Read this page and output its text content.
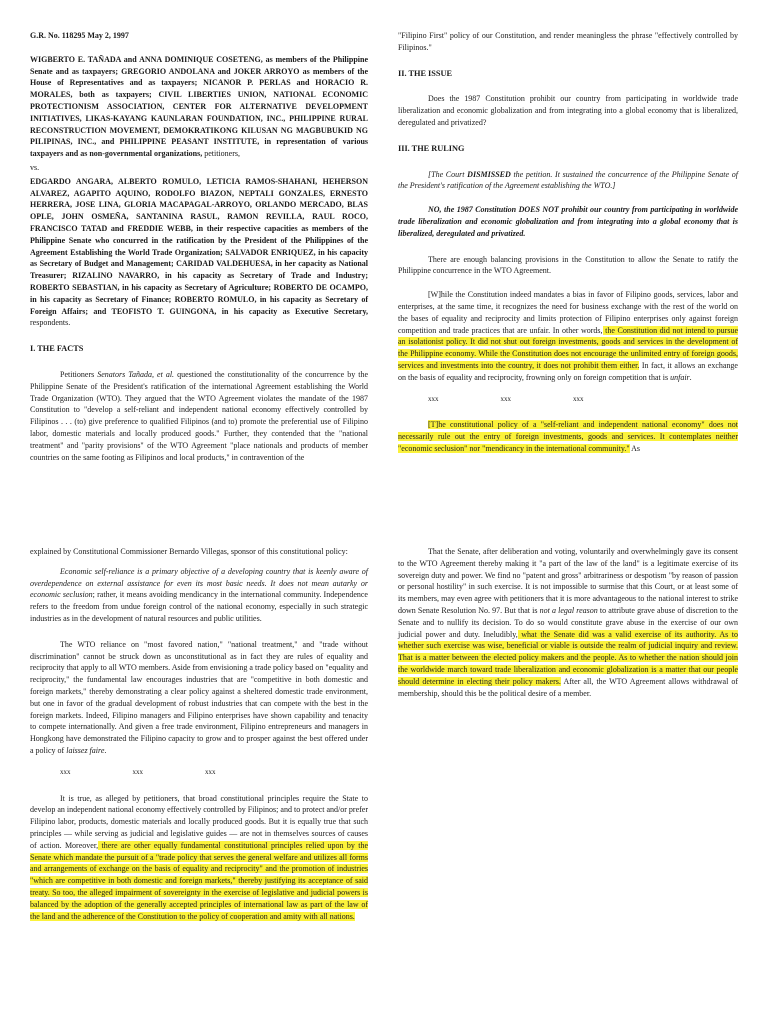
G.R. No. 118295 May 2, 1997

WIGBERTO E. TAÑADA and ANNA DOMINIQUE COSETENG, as members of the Philippine Senate and as taxpayers; GREGORIO ANDOLANA and JOKER ARROYO as members of the House of Representatives and as taxpayers; NICANOR P. PERLAS and HORACIO R. MORALES, both as taxpayers; CIVIL LIBERTIES UNION, NATIONAL ECONOMIC PROTECTIONISM ASSOCIATION, CENTER FOR ALTERNATIVE DEVELOPMENT INITIATIVES, LIKAS-KAYANG KAUNLARAN FOUNDATION, INC., PHILIPPINE RURAL RECONSTRUCTION MOVEMENT, DEMOKRATIKONG KILUSAN NG MAGBUBUKID NG PILIPINAS, INC., and PHILIPPINE PEASANT INSTITUTE, in representation of various taxpayers and as non-governmental organizations, petitioners,

vs.

EDGARDO ANGARA, ALBERTO ROMULO, LETICIA RAMOS-SHAHANI, HEHERSON ALVAREZ, AGAPITO AQUINO, RODOLFO BIAZON, NEPTALI GONZALES, ERNESTO HERRERA, JOSE LINA, GLORIA MACAPAGAL-ARROYO, ORLANDO MERCADO, BLAS OPLE, JOHN OSMEÑA, SANTANINA RASUL, RAMON REVILLA, RAUL ROCO, FRANCISCO TATAD and FREDDIE WEBB, in their respective capacities as members of the Philippine Senate who concurred in the ratification by the President of the Philippines of the Agreement Establishing the World Trade Organization; SALVADOR ENRIQUEZ, in his capacity as Secretary of Budget and Management; CARIDAD VALDEHUESA, in her capacity as National Treasurer; RIZALINO NAVARRO, in his capacity as Secretary of Trade and Industry; ROBERTO SEBASTIAN, in his capacity as Secretary of Agriculture; ROBERTO DE OCAMPO, in his capacity as Secretary of Finance; ROBERTO ROMULO, in his capacity as Secretary of Foreign Affairs; and TEOFISTO T. GUINGONA, in his capacity as Executive Secretary, respondents.

I. THE FACTS

Petitioners Senators Tañada, et al. questioned the constitutionality of the concurrence by the Philippine Senate of the President's ratification of the international Agreement establishing the World Trade Organization (WTO). They argued that the WTO Agreement violates the mandate of the 1987 Constitution to "develop a self-reliant and independent national economy effectively controlled by Filipinos . . . (to) give preference to qualified Filipinos (and to) promote the preferential use of Filipino labor, domestic materials and locally produced goods." Further, they contended that the "national treatment" and "parity provisions" of the WTO Agreement "place nationals and products of member countries on the same footing as Filipinos and local products," in contravention of the

"Filipino First" policy of our Constitution, and render meaningless the phrase "effectively controlled by Filipinos."

II. THE ISSUE

Does the 1987 Constitution prohibit our country from participating in worldwide trade liberalization and economic globalization and from integrating into a global economy that is liberalized, deregulated and privatized?

III. THE RULING

[The Court DISMISSED the petition. It sustained the concurrence of the Philippine Senate of the President's ratification of the Agreement establishing the WTO.]

NO, the 1987 Constitution DOES NOT prohibit our country from participating in worldwide trade liberalization and economic globalization and from integrating into a global economy that is liberalized, deregulated and privatized.

There are enough balancing provisions in the Constitution to allow the Senate to ratify the Philippine concurrence in the WTO Agreement.

[W]hile the Constitution indeed mandates a bias in favor of Filipino goods, services, labor and enterprises, at the same time, it recognizes the need for business exchange with the rest of the world on the bases of equality and reciprocity and limits protection of Filipino enterprises only against foreign competition and trade practices that are unfair. In other words, the Constitution did not intend to pursue an isolationist policy. It did not shut out foreign investments, goods and services in the development of the Philippine economy. While the Constitution does not encourage the unlimited entry of foreign goods, services and investments into the country, it does not prohibit them either. In fact, it allows an exchange on the basis of equality and reciprocity, frowning only on foreign competition that is unfair.

xxx	xxx	xxx

[T]he constitutional policy of a "self-reliant and independent national economy" does not necessarily rule out the entry of foreign investments, goods and services. It contemplates neither "economic seclusion" nor "mendicancy in the international community." As

explained by Constitutional Commissioner Bernardo Villegas, sponsor of this constitutional policy:

Economic self-reliance is a primary objective of a developing country that is keenly aware of overdependence on external assistance for even its most basic needs. It does not mean autarky or economic seclusion; rather, it means avoiding mendicancy in the international community. Independence refers to the freedom from undue foreign control of the national economy, especially in such strategic industries as in the development of natural resources and public utilities.

The WTO reliance on "most favored nation," "national treatment," and "trade without discrimination" cannot be struck down as unconstitutional as in fact they are rules of equality and reciprocity that apply to all WTO members. Aside from envisioning a trade policy based on "equality and reciprocity," the fundamental law encourages industries that are "competitive in both domestic and foreign markets," thereby demonstrating a clear policy against a sheltered domestic trade environment, but one in favor of the gradual development of robust industries that can compete with the best in the foreign markets. Indeed, Filipino managers and Filipino enterprises have shown capability and tenacity to compete internationally. And given a free trade environment, Filipino entrepreneurs and managers in Hongkong have demonstrated the Filipino capacity to grow and to prosper against the best offered under a policy of laissez faire.

xxx	xxx	xxx

It is true, as alleged by petitioners, that broad constitutional principles require the State to develop an independent national economy effectively controlled by Filipinos; and to protect and/or prefer Filipino labor, products, domestic materials and locally produced goods. But it is equally true that such principles — while serving as judicial and legislative guides — are not in themselves sources of causes of action. Moreover, there are other equally fundamental constitutional principles relied upon by the Senate which mandate the pursuit of a "trade policy that serves the general welfare and utilizes all forms and arrangements of exchange on the basis of equality and reciprocity" and the promotion of industries "which are competitive in both domestic and foreign markets," thereby justifying its acceptance of said treaty. So too, the alleged impairment of sovereignty in the exercise of legislative and judicial powers is balanced by the adoption of the generally accepted principles of international law as part of the law of the land and the adherence of the Constitution to the policy of cooperation and amity with all nations.

That the Senate, after deliberation and voting, voluntarily and overwhelmingly gave its consent to the WTO Agreement thereby making it "a part of the law of the land" is a legitimate exercise of its sovereign duty and power. We find no "patent and gross" arbitrariness or despotism "by reason of passion or personal hostility" in such exercise. It is not impossible to surmise that this Court, or at least some of its members, may even agree with petitioners that it is more advantageous to the national interest to strike down Senate Resolution No. 97. But that is not a legal reason to attribute grave abuse of discretion to the Senate and to nullify its decision. To do so would constitute grave abuse in the exercise of our own judicial power and duty. Ineludibly, what the Senate did was a valid exercise of its authority. As to whether such exercise was wise, beneficial or viable is outside the realm of judicial inquiry and review. That is a matter between the elected policy makers and the people. As to whether the nation should join the worldwide march toward trade liberalization and economic globalization is a matter that our people should determine in electing their policy makers. After all, the WTO Agreement allows withdrawal of membership, should this be the political desire of a member.
